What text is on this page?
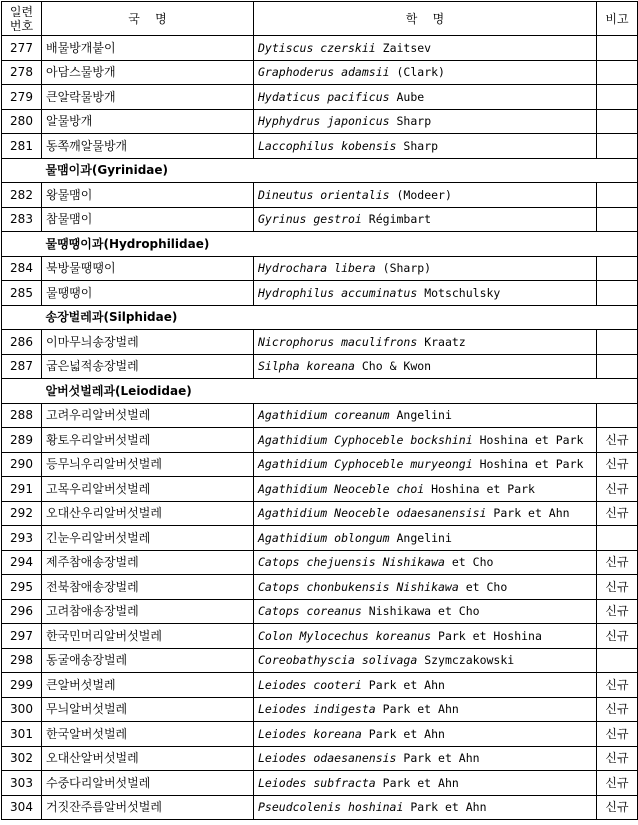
일련
번호	국    명	학    명	비고
277	배물방개붙이	Dytiscus czerskii Zaitsev	
278	아담스물방개	Graphoderus adamsii (Clark)	
279	큰알락물방개	Hydaticus pacificus Aube	
280	알물방개	Hyphydrus japonicus Sharp	
281	동쪽깨알물방개	Laccophilus kobensis Sharp	
	물맴이과(Gyrinidae)		
282	왕물맴이	Dineutus orientalis (Modeer)	
283	참물맴이	Gyrinus gestroi Régimbart	
	물땡땡이과(Hydrophilidae)		
284	북방물땡땡이	Hydrochara libera (Sharp)	
285	물땡땡이	Hydrophilus accuminatus Motschulsky	
	송장벌레과(Silphidae)		
286	이마무늬송장벌레	Nicrophorus maculifrons Kraatz	
287	굽은넓적송장벌레	Silpha koreana Cho & Kwon	
	알버섯벌레과(Leiodidae)		
288	고려우리알버섯벌레	Agathidium coreanum Angelini	
289	황토우리알버섯벌레	Agathidium Cyphoceble bockshini Hoshina et Park	신규
290	등무늬우리알버섯벌레	Agathidium Cyphoceble muryeongi Hoshina et Park	신규
291	고목우리알버섯벌레	Agathidium Neoceble choi Hoshina et Park	신규
292	오대산우리알버섯벌레	Agathidium Neoceble odaesanensisi Park et Ahn	신규
293	긴눈우리알버섯벌레	Agathidium oblongum Angelini	
294	제주참애송장벌레	Catops chejuensis Nishikawa et Cho	신규
295	전북참애송장벌레	Catops chonbukensis Nishikawa et Cho	신규
296	고려참애송장벌레	Catops coreanus Nishikawa et Cho	신규
297	한국민머리알버섯벌레	Colon Mylocechus koreanus Park et Hoshina	신규
298	동굴애송장벌레	Coreobathyscia solivaga Szymczakowski	
299	큰알버섯벌레	Leiodes cooteri Park et Ahn	신규
300	무늬알버섯벌레	Leiodes indigesta Park et Ahn	신규
301	한국알버섯벌레	Leiodes koreana Park et Ahn	신규
302	오대산알버섯벌레	Leiodes odaesanensis Park et Ahn	신규
303	수중다리알버섯벌레	Leiodes subfracta Park et Ahn	신규
304	거짓잔주름알버섯벌레	Pseudcolenis hoshinai Park et Ahn	신규
